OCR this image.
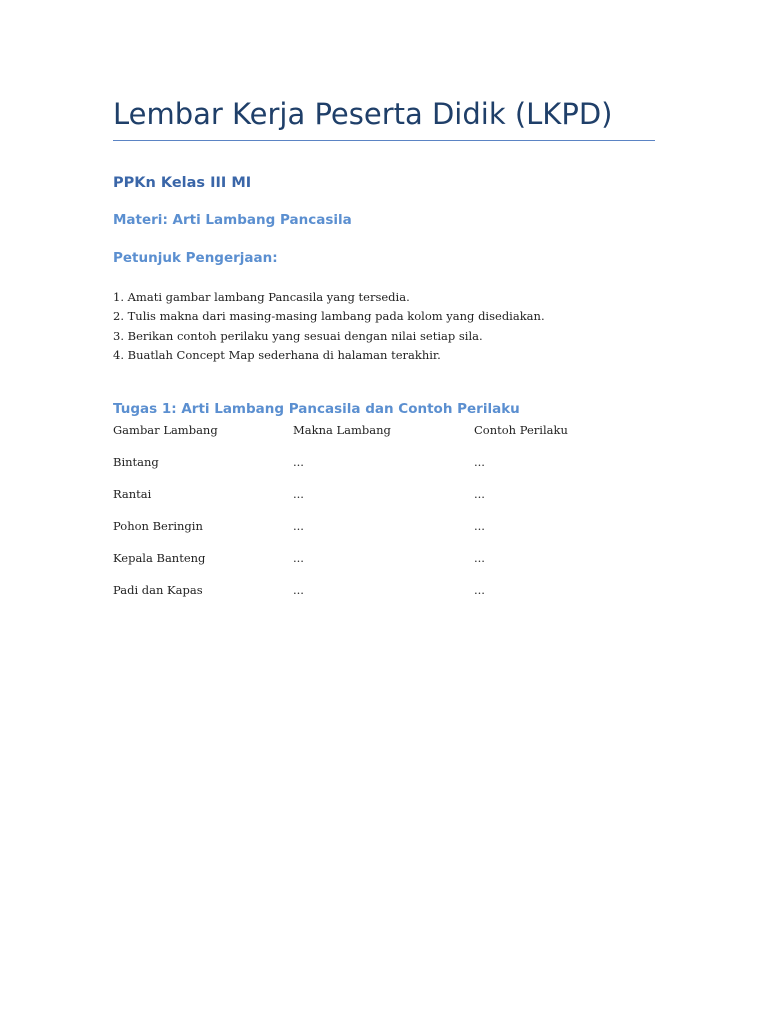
Lembar Kerja Peserta Didik (LKPD)
PPKn Kelas III MI
Materi: Arti Lambang Pancasila
Petunjuk Pengerjaan:
1. Amati gambar lambang Pancasila yang tersedia.
2. Tulis makna dari masing-masing lambang pada kolom yang disediakan.
3. Berikan contoh perilaku yang sesuai dengan nilai setiap sila.
4. Buatlah Concept Map sederhana di halaman terakhir.
Tugas 1: Arti Lambang Pancasila dan Contoh Perilaku
Gambar Lambang	Makna Lambang	Contoh Perilaku
Bintang	...	...
Rantai	...	...
Pohon Beringin	...	...
Kepala Banteng	...	...
Padi dan Kapas	...	...
